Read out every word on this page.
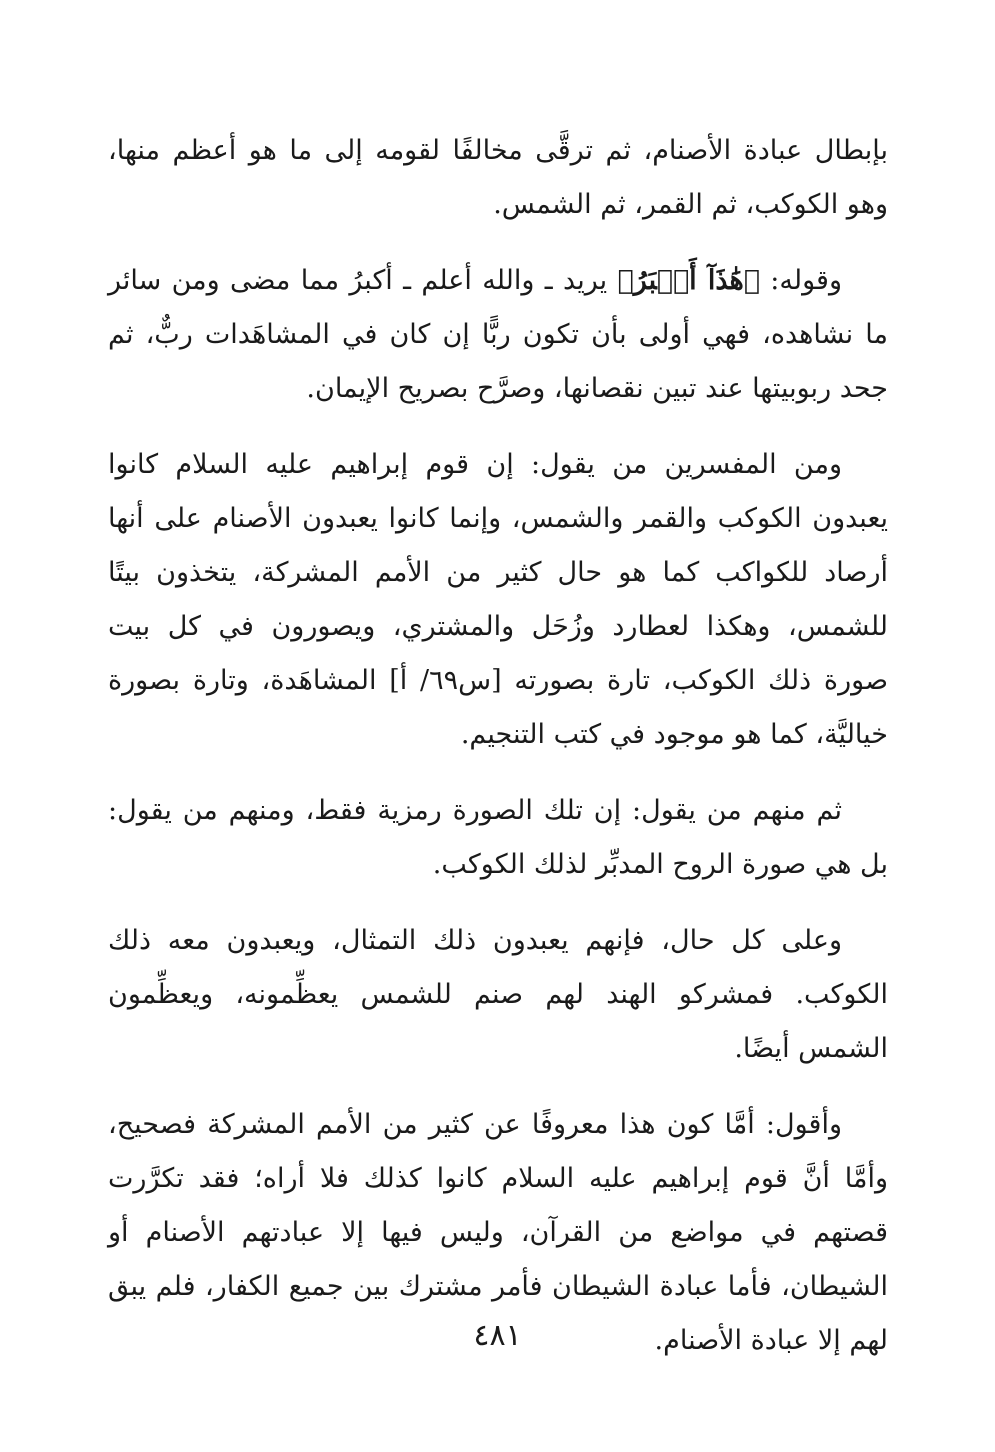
بإبطال عبادة الأصنام، ثم ترقَّى مخالفًا لقومه إلى ما هو أعظم منها، وهو الكوكب، ثم القمر، ثم الشمس.

وقوله: ﴿هَٰذَآ أَكۡبَرُ﴾ يريد ـ والله أعلم ـ أكبرُ مما مضى ومن سائر ما نشاهده، فهي أولى بأن تكون ربًّا إن كان في المشاهَدات ربٌّ، ثم جحد ربوبيتها عند تبين نقصانها، وصرَّح بصريح الإيمان.

ومن المفسرين من يقول: إن قوم إبراهيم عليه السلام كانوا يعبدون الكوكب والقمر والشمس، وإنما كانوا يعبدون الأصنام على أنها أرصاد للكواكب كما هو حال كثير من الأمم المشركة، يتخذون بيتًا للشمس، وهكذا لعطارد وزُحَل والمشتري، ويصورون في كل بيت صورة ذلك الكوكب، تارة بصورته [س٦٩/ أ] المشاهَدة، وتارة بصورة خياليَّة، كما هو موجود في كتب التنجيم.

ثم منهم من يقول: إن تلك الصورة رمزية فقط، ومنهم من يقول: بل هي صورة الروح المدبِّر لذلك الكوكب.

وعلى كل حال، فإنهم يعبدون ذلك التمثال، ويعبدون معه ذلك الكوكب. فمشركو الهند لهم صنم للشمس يعظِّمونه، ويعظِّمون الشمس أيضًا.

وأقول: أمَّا كون هذا معروفًا عن كثير من الأمم المشركة فصحيح، وأمَّا أنَّ قوم إبراهيم عليه السلام كانوا كذلك فلا أراه؛ فقد تكرَّرت قصتهم في مواضع من القرآن، وليس فيها إلا عبادتهم الأصنام أو الشيطان، فأما عبادة الشيطان فأمر مشترك بين جميع الكفار، فلم يبق لهم إلا عبادة الأصنام.

٤٨١
